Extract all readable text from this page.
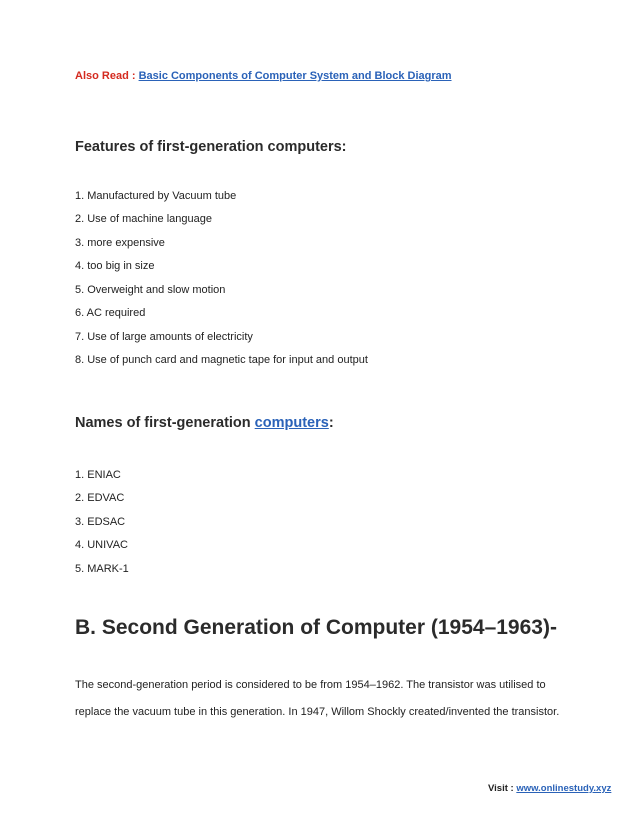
Also Read : Basic Components of Computer System and Block Diagram
Features of first-generation computers:
1. Manufactured by Vacuum tube
2. Use of machine language
3. more expensive
4. too big in size
5. Overweight and slow motion
6. AC required
7. Use of large amounts of electricity
8. Use of punch card and magnetic tape for input and output
Names of first-generation computers:
1. ENIAC
2. EDVAC
3. EDSAC
4. UNIVAC
5. MARK-1
B. Second Generation of Computer (1954–1963)-
The second-generation period is considered to be from 1954–1962. The transistor was utilised to
replace the vacuum tube in this generation. In 1947, Willom Shockly created/invented the transistor.
Visit : www.onlinestudy.xyz
